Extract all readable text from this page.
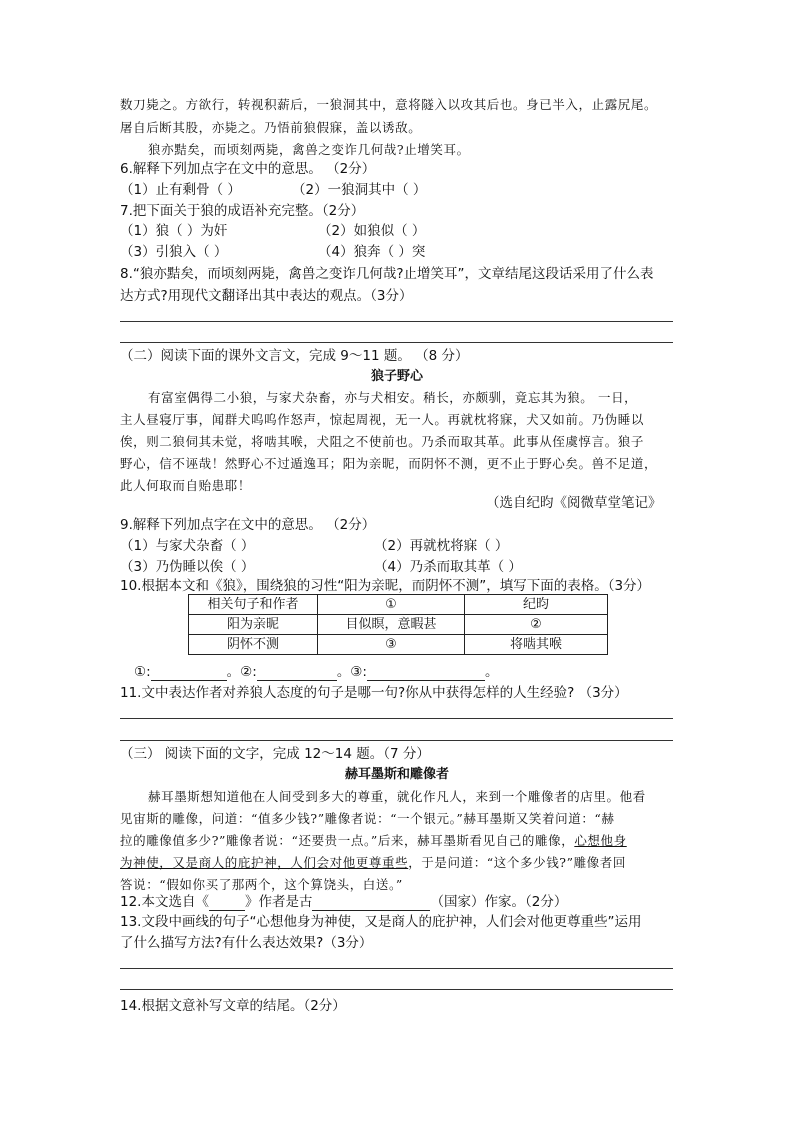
数刀毙之。方欲行，转视积薪后，一狼洞其中，意将隧入以攻其后也。身已半入，止露尻尾。
屠自后断其股，亦毙之。乃悟前狼假寐，盖以诱敌。
狼亦黠矣，而顷刻两毙，禽兽之变诈几何哉?止增笑耳。
6.解释下列加点字在文中的意思。 （2分）
（1）止有剩骨（ ）	（2）一狼洞其中（ ）
7.把下面关于狼的成语补充完整。（2分）
（1）狼（ ）为奸	（2）如狼似（ ）
（3）引狼入（ ）	（4）狼奔（ ）突
8.“狼亦黠矣，而顷刻两毙，禽兽之变诈几何哉?止增笑耳”，文章结尾这段话采用了什么表
达方式?用现代文翻译出其中表达的观点。（3分）
（二）阅读下面的课外文言文，完成 9～11 题。 （8 分）
狼子野心
有富室偶得二小狼，与家犬杂畜，亦与犬相安。稍长，亦颇驯，竟忘其为狼。 一日，
主人昼寝厅事，闻群犬呜呜作怒声，惊起周视，无一人。再就枕将寐，犬又如前。乃伪睡以
俟，则二狼伺其未觉，将啮其喉，犬阻之不使前也。乃杀而取其革。此事从侄虞惇言。狼子
野心，信不诬哉！然野心不过遁逸耳；阳为亲昵，而阴怀不测，更不止于野心矣。兽不足道，
此人何取而自贻患耶！
（选自纪昀《阅微草堂笔记》
9.解释下列加点字在文中的意思。 （2分）
（1）与家犬杂畜（ ）	（2）再就枕将寐（ ）
（3）乃伪睡以俟（ ）	（4）乃杀而取其革（ ）
10.根据本文和《狼》，围绕狼的习性“阳为亲昵，而阴怀不测”，填写下面的表格。（3分）
相关句子和作者	①	纪昀
阳为亲昵	目似瞑，意暇甚	②
阴怀不测	③	将啮其喉
①:	。②:	。③:	。
11.文中表达作者对养狼人态度的句子是哪一句?你从中获得怎样的人生经验? （3分）
（三） 阅读下面的文字，完成 12～14 题。（7 分）
赫耳墨斯和雕像者
赫耳墨斯想知道他在人间受到多大的尊重，就化作凡人，来到一个雕像者的店里。他看
见宙斯的雕像，问道：“值多少钱?”雕像者说：“一个银元。”赫耳墨斯又笑着问道：“赫
拉的雕像值多少?”雕像者说：“还要贵一点。”后来，赫耳墨斯看见自己的雕像，心想他身
为神使，又是商人的庇护神，人们会对他更尊重些，于是问道：“这个多少钱?”雕像者回
答说：“假如你买了那两个，这个算饶头，白送。”
12.本文选自《	》作者是古	（国家）作家。（2分）
13.文段中画线的句子“心想他身为神使，又是商人的庇护神，人们会对他更尊重些”运用
了什么描写方法?有什么表达效果?（3分）
14.根据文意补写文章的结尾。（2分）
